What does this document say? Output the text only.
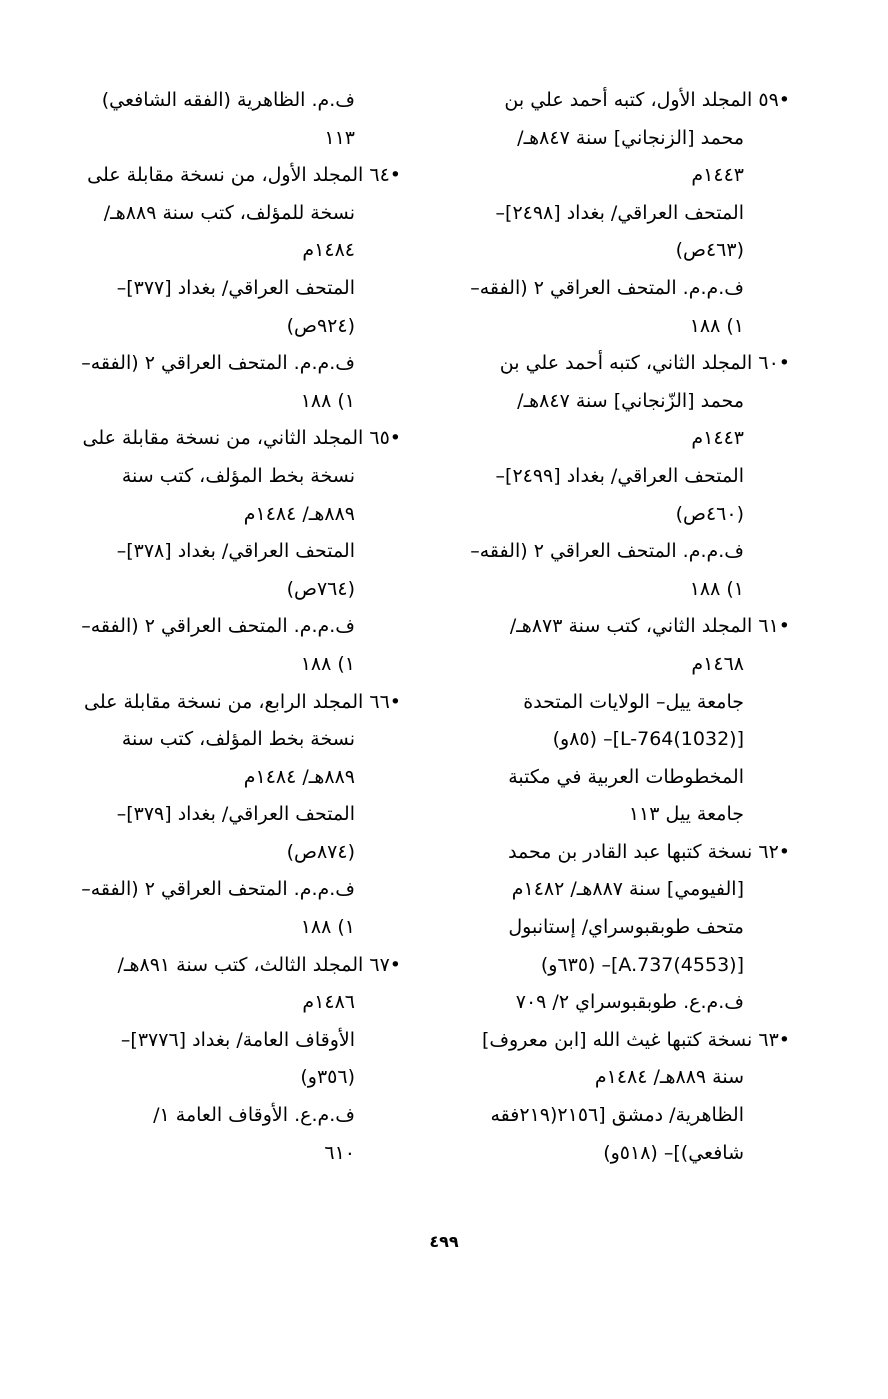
•٥٩ المجلد الأول، كتبه أحمد علي بن
محمد [الزنجاني] سنة ٨٤٧هـ/
١٤٤٣م
المتحف العراقي/ بغداد [٢٤٩٨]–
(٤٦٣ص)
ف.م.م. المتحف العراقي ٢ (الفقه–
١) ١٨٨
•٦٠ المجلد الثاني، كتبه أحمد علي بن
محمد [الزّنجاني] سنة ٨٤٧هـ/
١٤٤٣م
المتحف العراقي/ بغداد [٢٤٩٩]–
(٤٦٠ص)
ف.م.م. المتحف العراقي ٢ (الفقه–
١) ١٨٨
•٦١ المجلد الثاني، كتب سنة ٨٧٣هـ/
١٤٦٨م
جامعة ييل– الولايات المتحدة
[L-764(1032)]– (٨٥و)
المخطوطات العربية في مكتبة
جامعة ييل ١١٣
•٦٢ نسخة كتبها عبد القادر بن محمد
[الفيومي] سنة ٨٨٧هـ/ ١٤٨٢م
متحف طوبقبوسراي/ إستانبول
[A.737(4553)]– (٦٣٥و)
ف.م.ع. طوبقبوسراي ٢/ ٧٠٩
•٦٣ نسخة كتبها غيث الله [ابن معروف]
سنة ٨٨٩هـ/ ١٤٨٤م
الظاهرية/ دمشق [٢١٥٦(٢١٩فقه
شافعي)]– (٥١٨و)
ف.م. الظاهرية (الفقه الشافعي)
١١٣
•٦٤ المجلد الأول، من نسخة مقابلة على
نسخة للمؤلف، كتب سنة ٨٨٩هـ/
١٤٨٤م
المتحف العراقي/ بغداد [٣٧٧]–
(٩٢٤ص)
ف.م.م. المتحف العراقي ٢ (الفقه–
١) ١٨٨
•٦٥ المجلد الثاني، من نسخة مقابلة على
نسخة بخط المؤلف، كتب سنة
٨٨٩هـ/ ١٤٨٤م
المتحف العراقي/ بغداد [٣٧٨]–
(٧٦٤ص)
ف.م.م. المتحف العراقي ٢ (الفقه–
١) ١٨٨
•٦٦ المجلد الرابع، من نسخة مقابلة على
نسخة بخط المؤلف، كتب سنة
٨٨٩هـ/ ١٤٨٤م
المتحف العراقي/ بغداد [٣٧٩]–
(٨٧٤ص)
ف.م.م. المتحف العراقي ٢ (الفقه–
١) ١٨٨
•٦٧ المجلد الثالث، كتب سنة ٨٩١هـ/
١٤٨٦م
الأوقاف العامة/ بغداد [٣٧٧٦]–
(٣٥٦و)
ف.م.ع. الأوقاف العامة ١/
٦١٠
٤٩٩
